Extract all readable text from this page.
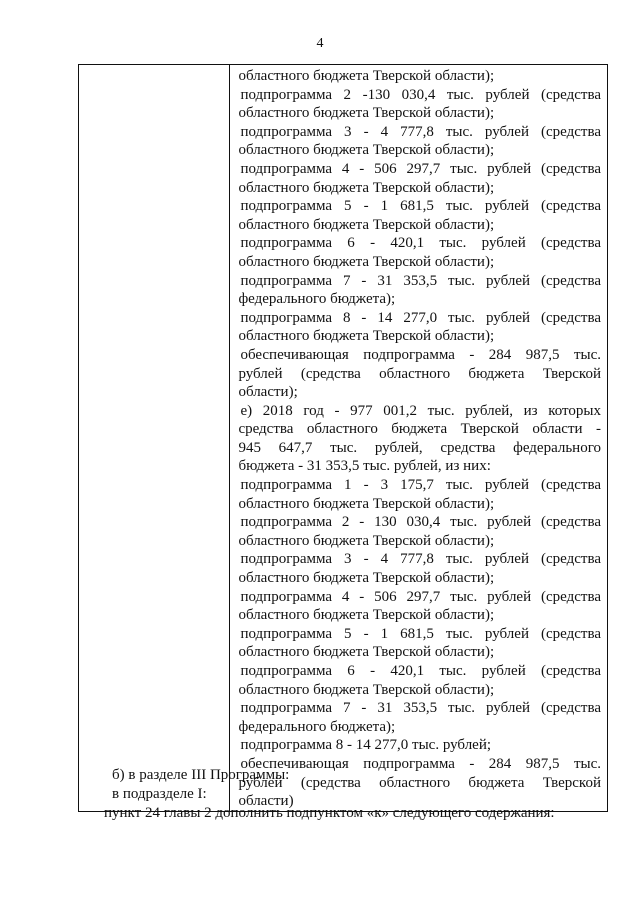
4

областного бюджета Тверской области);
подпрограмма 2 -130 030,4 тыс. рублей (средства
областного бюджета Тверской области);
подпрограмма 3 - 4 777,8 тыс. рублей (средства
областного бюджета Тверской области);
подпрограмма 4 - 506 297,7 тыс. рублей (средства
областного бюджета Тверской области);
подпрограмма 5 - 1 681,5 тыс. рублей (средства
областного бюджета Тверской области);
подпрограмма 6 - 420,1 тыс. рублей (средства
областного бюджета Тверской области);
подпрограмма 7 - 31 353,5 тыс. рублей (средства
федерального бюджета);
подпрограмма 8 - 14 277,0 тыс. рублей (средства
областного бюджета Тверской области);
обеспечивающая подпрограмма - 284 987,5 тыс.
рублей (средства областного бюджета Тверской
области);
е) 2018 год - 977 001,2 тыс. рублей, из которых
средства областного бюджета Тверской области -
945 647,7 тыс. рублей, средства федерального
бюджета - 31 353,5 тыс. рублей, из них:
подпрограмма 1 - 3 175,7 тыс. рублей (средства
областного бюджета Тверской области);
подпрограмма 2 - 130 030,4 тыс. рублей (средства
областного бюджета Тверской области);
подпрограмма 3 - 4 777,8 тыс. рублей (средства
областного бюджета Тверской области);
подпрограмма 4 - 506 297,7 тыс. рублей (средства
областного бюджета Тверской области);
подпрограмма 5 - 1 681,5 тыс. рублей (средства
областного бюджета Тверской области);
подпрограмма 6 - 420,1 тыс. рублей (средства
областного бюджета Тверской области);
подпрограмма 7 - 31 353,5 тыс. рублей (средства
федерального бюджета);
подпрограмма 8 - 14 277,0 тыс. рублей;
обеспечивающая подпрограмма - 284 987,5 тыс.
рублей (средства областного бюджета Тверской
области)
б) в разделе III Программы:
в подразделе I:
пункт 24 главы 2 дополнить подпунктом «к» следующего содержания:
